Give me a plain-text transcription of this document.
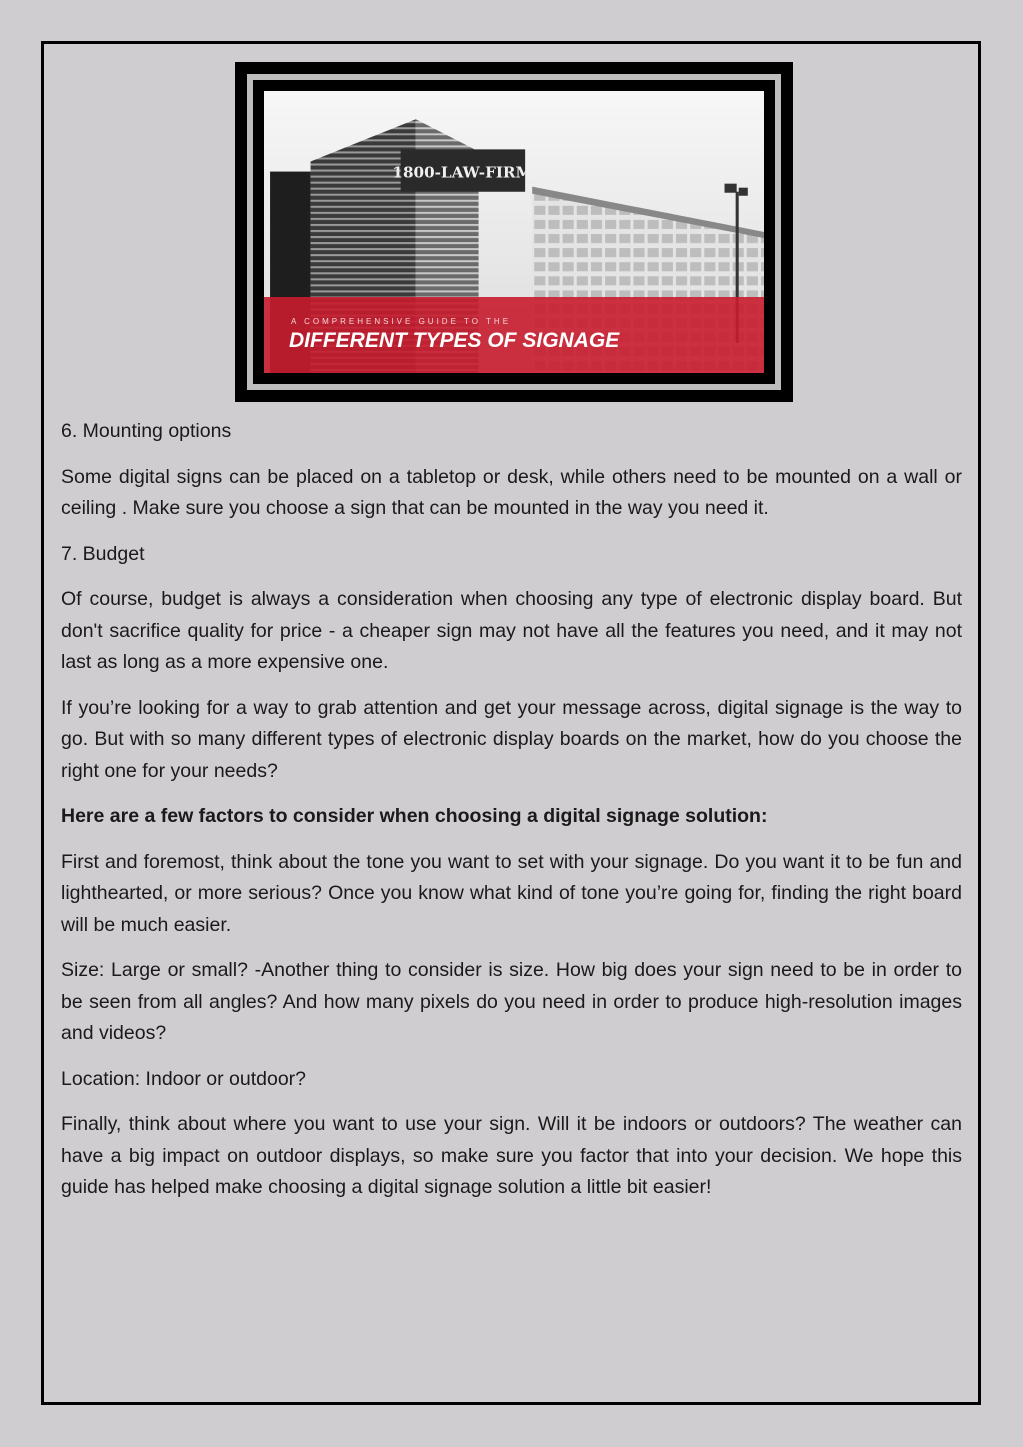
1800-LAW-FIRM
A COMPREHENSIVE GUIDE TO THE
DIFFERENT TYPES OF SIGNAGE

6. Mounting options

Some digital signs can be placed on a tabletop or desk, while others need to be mounted on a wall or ceiling . Make sure you choose a sign that can be mounted in the way you need it.

7. Budget

Of course, budget is always a consideration when choosing any type of electronic display board. But don't sacrifice quality for price - a cheaper sign may not have all the features you need, and it may not last as long as a more expensive one.

If you’re looking for a way to grab attention and get your message across, digital signage is the way to go. But with so many different types of electronic display boards on the market, how do you choose the right one for your needs?

Here are a few factors to consider when choosing a digital signage solution:

First and foremost, think about the tone you want to set with your signage. Do you want it to be fun and lighthearted, or more serious? Once you know what kind of tone you’re going for, finding the right board will be much easier.

Size: Large or small? -Another thing to consider is size. How big does your sign need to be in order to be seen from all angles? And how many pixels do you need in order to produce high-resolution images and videos?

Location: Indoor or outdoor?

Finally, think about where you want to use your sign. Will it be indoors or outdoors? The weather can have a big impact on outdoor displays, so make sure you factor that into your decision. We hope this guide has helped make choosing a digital signage solution a little bit easier!
